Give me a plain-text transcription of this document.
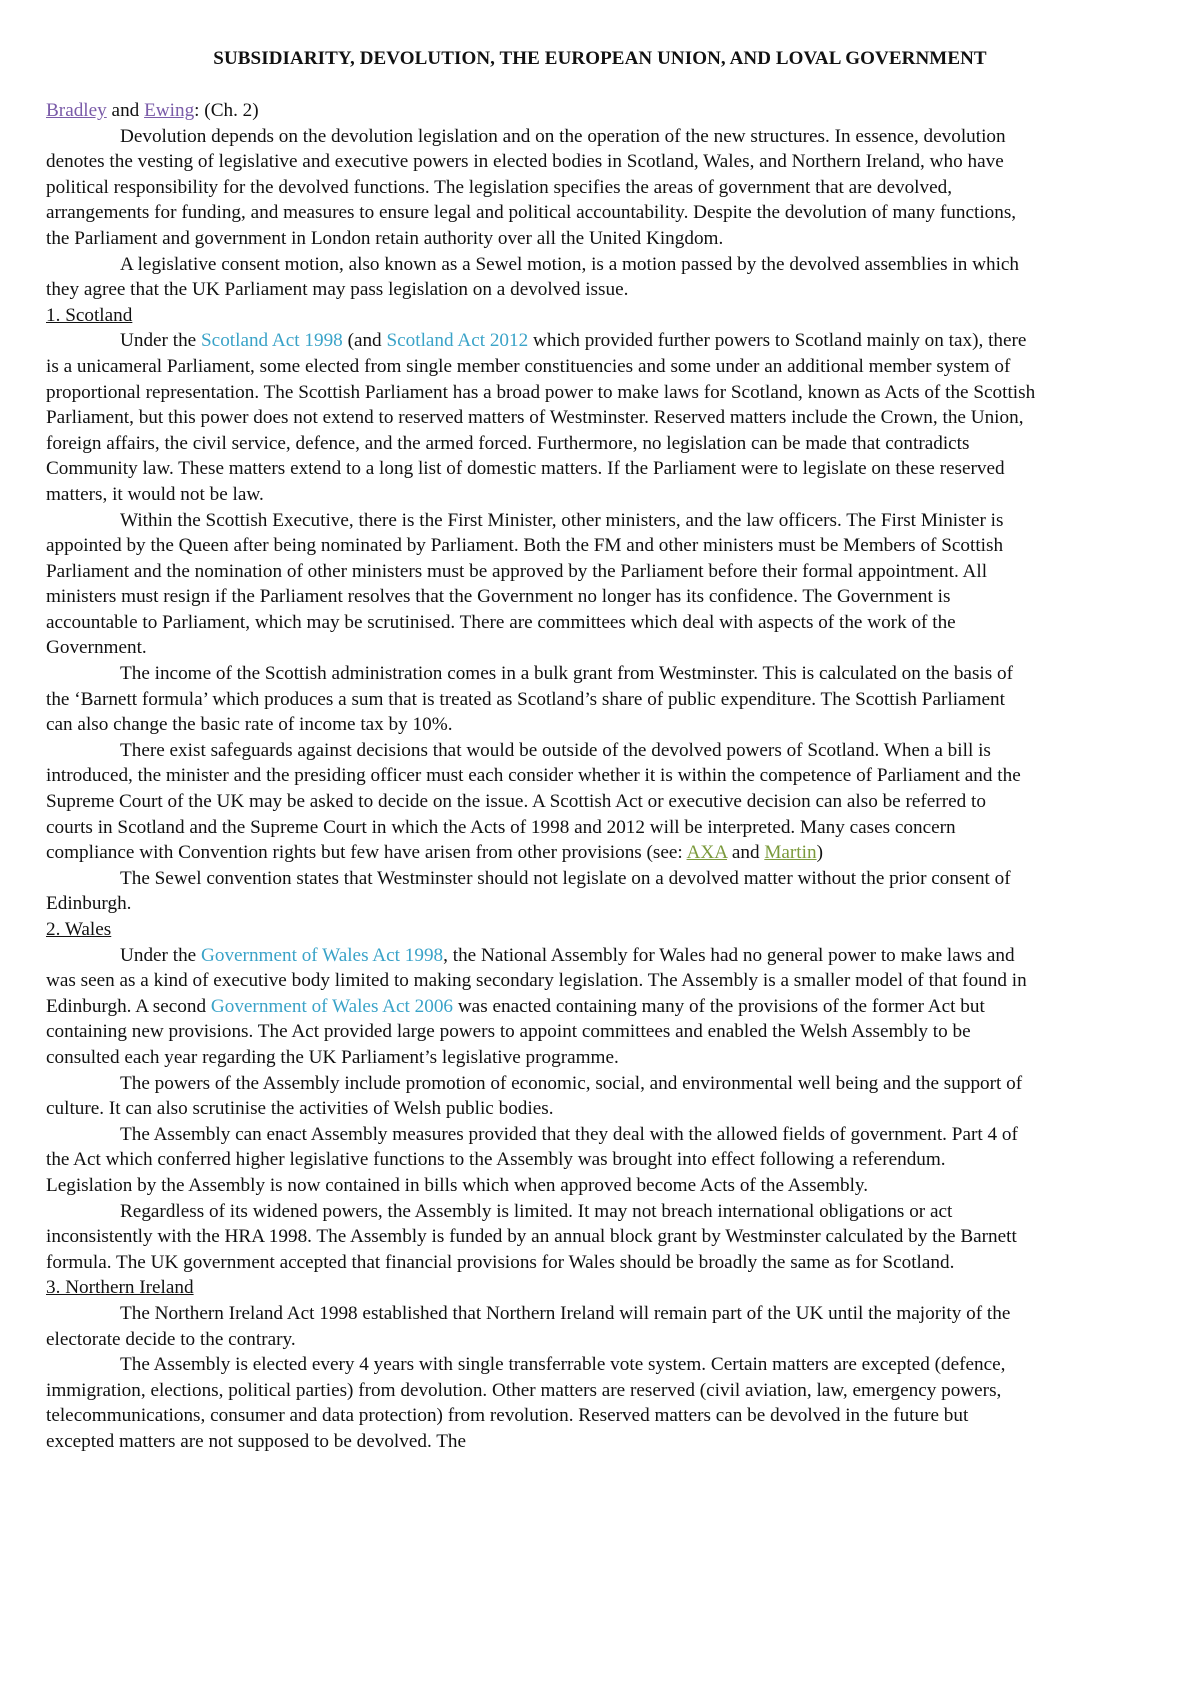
SUBSIDIARITY, DEVOLUTION, THE EUROPEAN UNION, AND LOVAL GOVERNMENT

Bradley and Ewing: (Ch. 2)

Devolution depends on the devolution legislation and on the operation of the new structures. In essence, devolution denotes the vesting of legislative and executive powers in elected bodies in Scotland, Wales, and Northern Ireland, who have political responsibility for the devolved functions. The legislation specifies the areas of government that are devolved, arrangements for funding, and measures to ensure legal and political accountability. Despite the devolution of many functions, the Parliament and government in London retain authority over all the United Kingdom.

A legislative consent motion, also known as a Sewel motion, is a motion passed by the devolved assemblies in which they agree that the UK Parliament may pass legislation on a devolved issue.

1. Scotland

Under the Scotland Act 1998 (and Scotland Act 2012 which provided further powers to Scotland mainly on tax), there is a unicameral Parliament, some elected from single member constituencies and some under an additional member system of proportional representation. The Scottish Parliament has a broad power to make laws for Scotland, known as Acts of the Scottish Parliament, but this power does not extend to reserved matters of Westminster. Reserved matters include the Crown, the Union, foreign affairs, the civil service, defence, and the armed forced. Furthermore, no legislation can be made that contradicts Community law. These matters extend to a long list of domestic matters. If the Parliament were to legislate on these reserved matters, it would not be law.

Within the Scottish Executive, there is the First Minister, other ministers, and the law officers. The First Minister is appointed by the Queen after being nominated by Parliament. Both the FM and other ministers must be Members of Scottish Parliament and the nomination of other ministers must be approved by the Parliament before their formal appointment. All ministers must resign if the Parliament resolves that the Government no longer has its confidence. The Government is accountable to Parliament, which may be scrutinised. There are committees which deal with aspects of the work of the Government.

The income of the Scottish administration comes in a bulk grant from Westminster. This is calculated on the basis of the ‘Barnett formula’ which produces a sum that is treated as Scotland’s share of public expenditure. The Scottish Parliament can also change the basic rate of income tax by 10%.

There exist safeguards against decisions that would be outside of the devolved powers of Scotland. When a bill is introduced, the minister and the presiding officer must each consider whether it is within the competence of Parliament and the Supreme Court of the UK may be asked to decide on the issue. A Scottish Act or executive decision can also be referred to courts in Scotland and the Supreme Court in which the Acts of 1998 and 2012 will be interpreted. Many cases concern compliance with Convention rights but few have arisen from other provisions (see: AXA and Martin)

The Sewel convention states that Westminster should not legislate on a devolved matter without the prior consent of Edinburgh.

2. Wales

Under the Government of Wales Act 1998, the National Assembly for Wales had no general power to make laws and was seen as a kind of executive body limited to making secondary legislation. The Assembly is a smaller model of that found in Edinburgh. A second Government of Wales Act 2006 was enacted containing many of the provisions of the former Act but containing new provisions. The Act provided large powers to appoint committees and enabled the Welsh Assembly to be consulted each year regarding the UK Parliament’s legislative programme.

The powers of the Assembly include promotion of economic, social, and environmental well being and the support of culture. It can also scrutinise the activities of Welsh public bodies.

The Assembly can enact Assembly measures provided that they deal with the allowed fields of government. Part 4 of the Act which conferred higher legislative functions to the Assembly was brought into effect following a referendum. Legislation by the Assembly is now contained in bills which when approved become Acts of the Assembly.

Regardless of its widened powers, the Assembly is limited. It may not breach international obligations or act inconsistently with the HRA 1998. The Assembly is funded by an annual block grant by Westminster calculated by the Barnett formula. The UK government accepted that financial provisions for Wales should be broadly the same as for Scotland.

3. Northern Ireland

The Northern Ireland Act 1998 established that Northern Ireland will remain part of the UK until the majority of the electorate decide to the contrary.

The Assembly is elected every 4 years with single transferrable vote system. Certain matters are excepted (defence, immigration, elections, political parties) from devolution. Other matters are reserved (civil aviation, law, emergency powers, telecommunications, consumer and data protection) from revolution. Reserved matters can be devolved in the future but excepted matters are not supposed to be devolved. The
